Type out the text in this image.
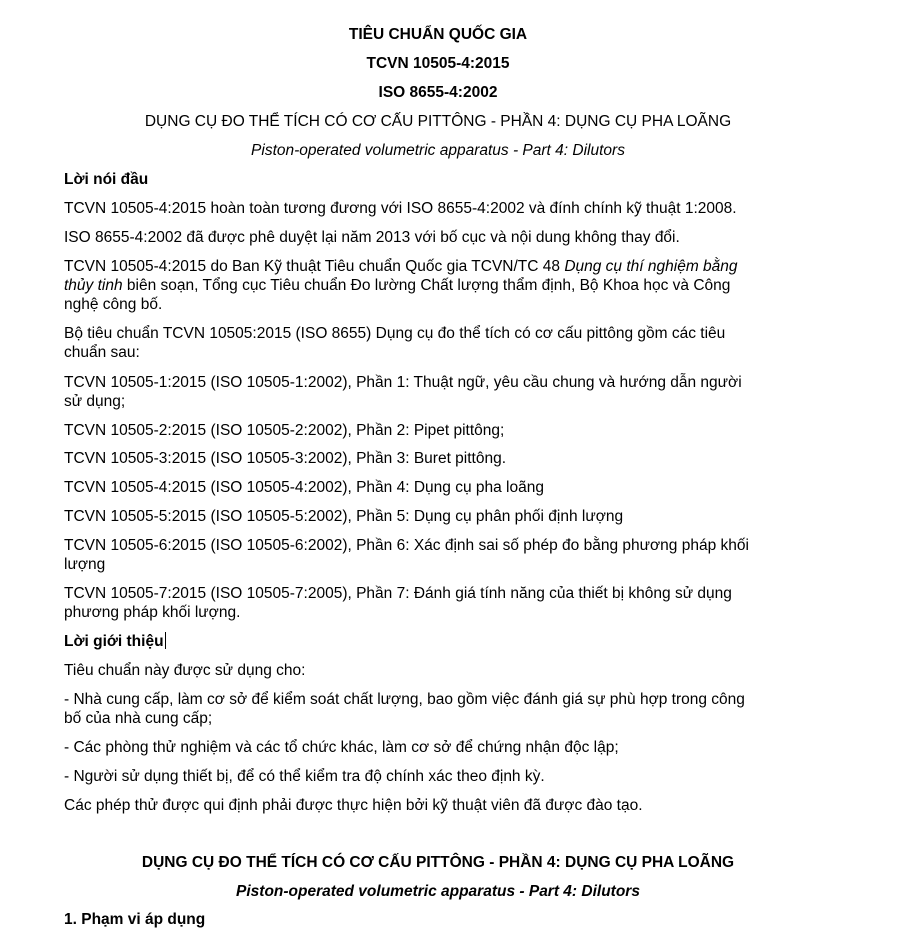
TIÊU CHUẨN QUỐC GIA
TCVN 10505-4:2015
ISO 8655-4:2002
DỤNG CỤ ĐO THỂ TÍCH CÓ CƠ CẤU PITTÔNG - PHẦN 4: DỤNG CỤ PHA LOÃNG
Piston-operated volumetric apparatus - Part 4: Dilutors
Lời nói đầu
TCVN 10505-4:2015 hoàn toàn tương đương với ISO 8655-4:2002 và đính chính kỹ thuật 1:2008.
ISO 8655-4:2002 đã được phê duyệt lại năm 2013 với bố cục và nội dung không thay đổi.
TCVN 10505-4:2015 do Ban Kỹ thuật Tiêu chuẩn Quốc gia TCVN/TC 48 Dụng cụ thí nghiệm bằng
thủy tinh biên soạn, Tổng cục Tiêu chuẩn Đo lường Chất lượng thẩm định, Bộ Khoa học và Công
nghệ công bố.
Bộ tiêu chuẩn TCVN 10505:2015 (ISO 8655) Dụng cụ đo thể tích có cơ cấu pittông gồm các tiêu
chuẩn sau:
TCVN 10505-1:2015 (ISO 10505-1:2002), Phần 1: Thuật ngữ, yêu cầu chung và hướng dẫn người
sử dụng;
TCVN 10505-2:2015 (ISO 10505-2:2002), Phần 2: Pipet pittông;
TCVN 10505-3:2015 (ISO 10505-3:2002), Phần 3: Buret pittông.
TCVN 10505-4:2015 (ISO 10505-4:2002), Phần 4: Dụng cụ pha loãng
TCVN 10505-5:2015 (ISO 10505-5:2002), Phần 5: Dụng cụ phân phối định lượng
TCVN 10505-6:2015 (ISO 10505-6:2002), Phần 6: Xác định sai số phép đo bằng phương pháp khối
lượng
TCVN 10505-7:2015 (ISO 10505-7:2005), Phần 7: Đánh giá tính năng của thiết bị không sử dụng
phương pháp khối lượng.
Lời giới thiệu
Tiêu chuẩn này được sử dụng cho:
- Nhà cung cấp, làm cơ sở để kiểm soát chất lượng, bao gồm việc đánh giá sự phù hợp trong công
bố của nhà cung cấp;
- Các phòng thử nghiệm và các tổ chức khác, làm cơ sở để chứng nhận độc lập;
- Người sử dụng thiết bị, để có thể kiểm tra độ chính xác theo định kỳ.
Các phép thử được qui định phải được thực hiện bởi kỹ thuật viên đã được đào tạo.
DỤNG CỤ ĐO THỂ TÍCH CÓ CƠ CẤU PITTÔNG - PHẦN 4: DỤNG CỤ PHA LOÃNG
Piston-operated volumetric apparatus - Part 4: Dilutors
1. Phạm vi áp dụng
